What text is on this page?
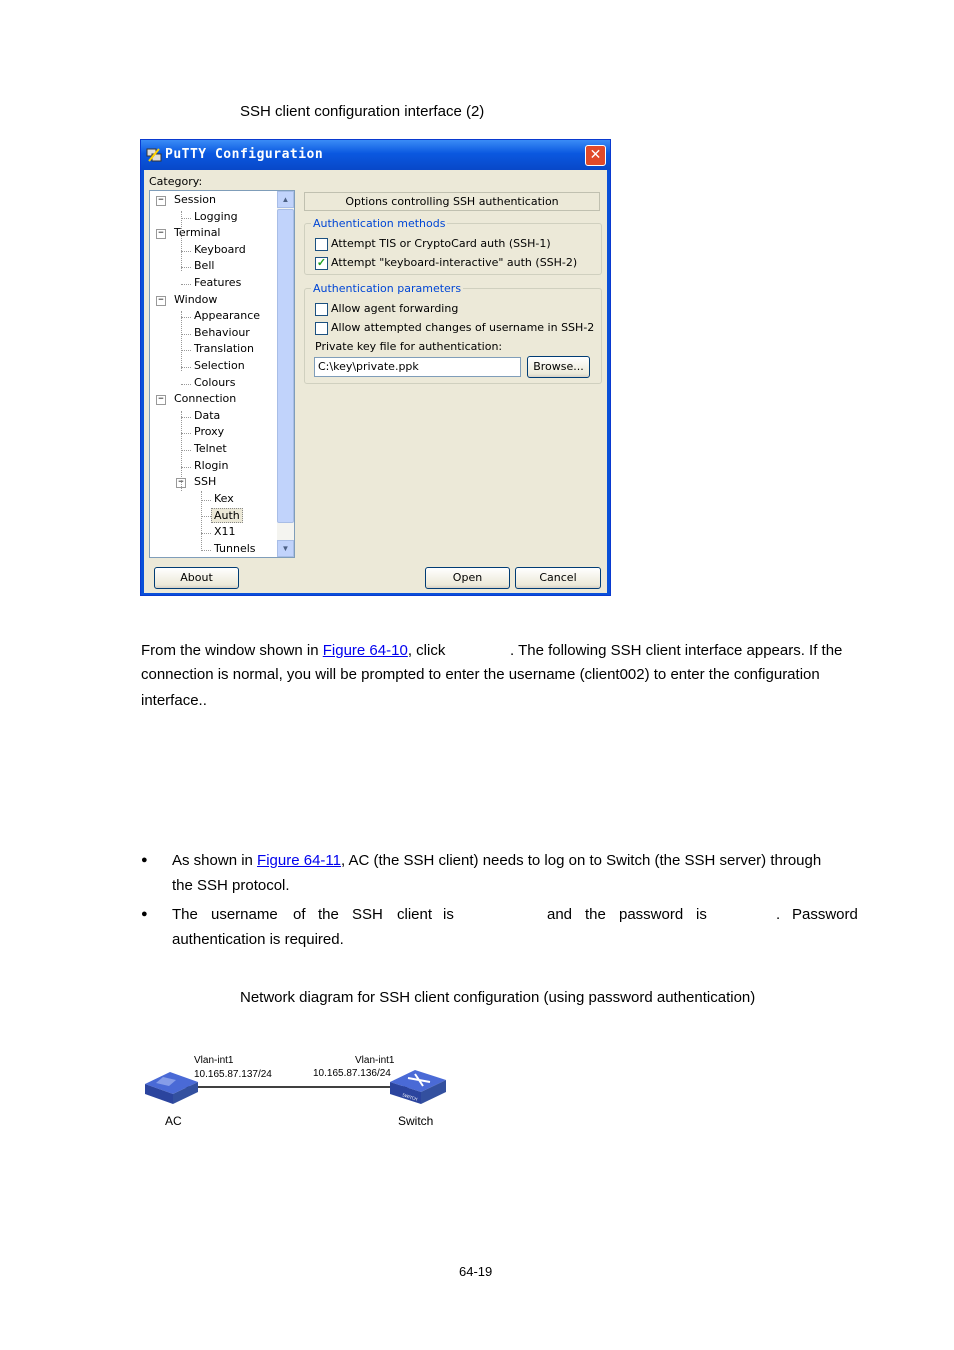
SSH client configuration interface (2)
PuTTY Configuration	✕
Category:
▲
▼
Session
−
Logging
Terminal
−
Keyboard
Bell
Features
Window
−
Appearance
Behaviour
Translation
Selection
Colours
Connection
−
Data
Proxy
Telnet
Rlogin
SSH
−
Kex
Auth
X11
Tunnels
Options controlling SSH authentication
Authentication methods
Attempt TIS or CryptoCard auth (SSH-1)
✓ Attempt "keyboard-interactive" auth (SSH-2)
Authentication parameters
Allow agent forwarding
Allow attempted changes of username in SSH-2
Private key file for authentication:
C:\key\private.ppk	Browse...
About	Open	Cancel
From the window shown in Figure 64-10, click	. The following SSH client interface appears. If the
connection is normal, you will be prompted to enter the username (client002) to enter the configuration
interface..
● As shown in Figure 64-11, AC (the SSH client) needs to log on to Switch (the SSH server) through
the SSH protocol.
● The username of the SSH client is	and the password is	. Password
authentication is required.
Network diagram for SSH client configuration (using password authentication)
SWITCH
Vlan-int1
10.165.87.137/24
Vlan-int1
10.165.87.136/24
AC	Switch
64-19
